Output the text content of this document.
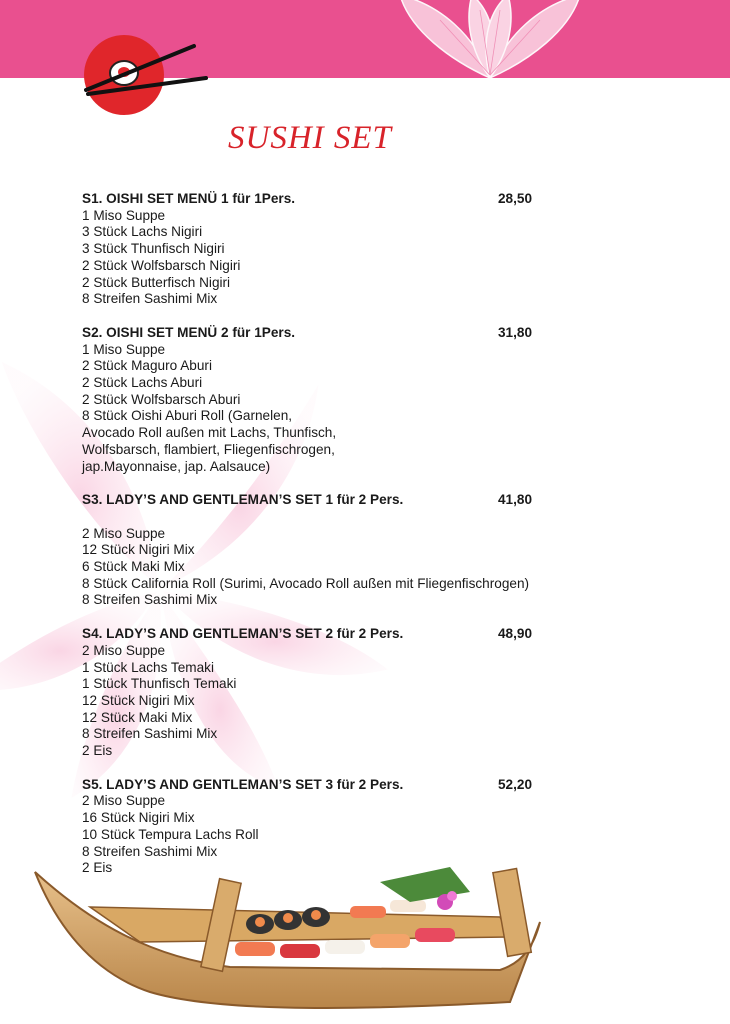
SUSHI SET
S1. OISHI SET MENÜ 1 für 1Pers.	28,50
1 Miso Suppe
3 Stück Lachs Nigiri
3 Stück Thunfisch Nigiri
2 Stück Wolfsbarsch Nigiri
2 Stück Butterfisch Nigiri
8 Streifen Sashimi Mix
S2. OISHI SET MENÜ 2 für 1Pers.	31,80
1 Miso Suppe
2 Stück Maguro Aburi
2 Stück Lachs Aburi
2 Stück Wolfsbarsch Aburi
8 Stück Oishi Aburi Roll (Garnelen,
Avocado Roll außen mit Lachs, Thunfisch,
Wolfsbarsch, flambiert, Fliegenfischrogen,
jap.Mayonnaise, jap. Aalsauce)
S3. LADY’S AND GENTLEMAN’S SET 1 für 2 Pers.	41,80
2 Miso Suppe
12 Stück Nigiri Mix
6 Stück Maki Mix
8 Stück California Roll (Surimi, Avocado Roll außen mit Fliegenfischrogen)
8 Streifen Sashimi Mix
S4. LADY’S AND GENTLEMAN’S SET 2 für 2 Pers.	48,90
2 Miso Suppe
1 Stück Lachs Temaki
1 Stück Thunfisch Temaki
12 Stück Nigiri Mix
12 Stück Maki Mix
8 Streifen Sashimi Mix
2 Eis
S5. LADY’S AND GENTLEMAN’S SET 3 für 2 Pers.	52,20
2 Miso Suppe
16 Stück Nigiri Mix
10 Stück Tempura Lachs Roll
8 Streifen Sashimi Mix
2 Eis
